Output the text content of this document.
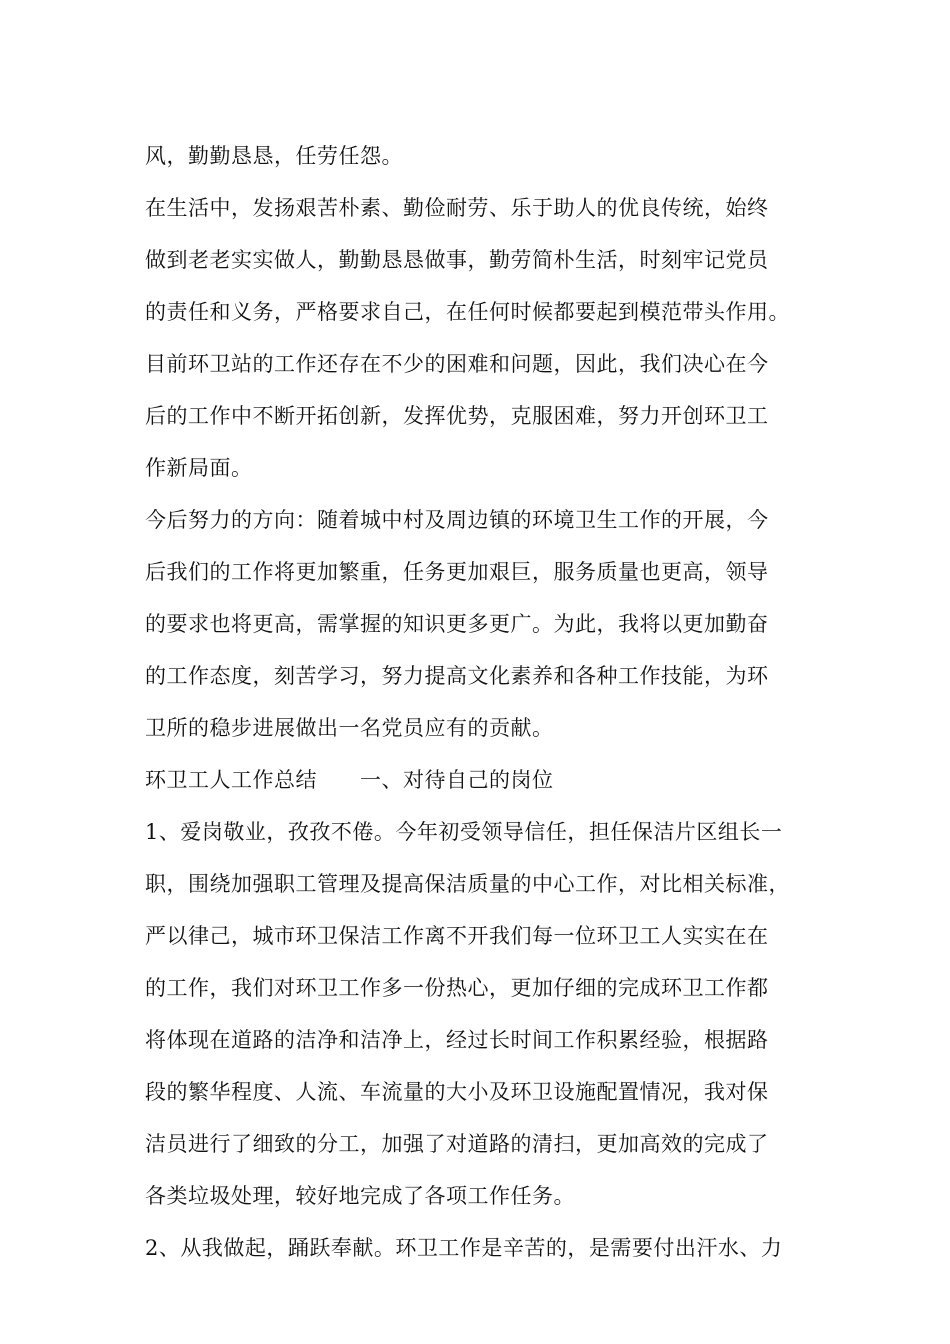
风，勤勤恳恳，任劳任怨。
在生活中，发扬艰苦朴素、勤俭耐劳、乐于助人的优良传统，始终
做到老老实实做人，勤勤恳恳做事，勤劳简朴生活，时刻牢记党员
的责任和义务，严格要求自己，在任何时候都要起到模范带头作用。
目前环卫站的工作还存在不少的困难和问题，因此，我们决心在今
后的工作中不断开拓创新，发挥优势，克服困难，努力开创环卫工
作新局面。
今后努力的方向：随着城中村及周边镇的环境卫生工作的开展，今
后我们的工作将更加繁重，任务更加艰巨，服务质量也更高，领导
的要求也将更高，需掌握的知识更多更广。为此，我将以更加勤奋
的工作态度，刻苦学习，努力提高文化素养和各种工作技能，为环
卫所的稳步进展做出一名党员应有的贡献。
环卫工人工作总结　　一、对待自己的岗位
1、爱岗敬业，孜孜不倦。今年初受领导信任，担任保洁片区组长一
职，围绕加强职工管理及提高保洁质量的中心工作，对比相关标准，
严以律己，城市环卫保洁工作离不开我们每一位环卫工人实实在在
的工作，我们对环卫工作多一份热心，更加仔细的完成环卫工作都
将体现在道路的洁净和洁净上，经过长时间工作积累经验，根据路
段的繁华程度、人流、车流量的大小及环卫设施配置情况，我对保
洁员进行了细致的分工，加强了对道路的清扫，更加高效的完成了
各类垃圾处理，较好地完成了各项工作任务。
2、从我做起，踊跃奉献。环卫工作是辛苦的，是需要付出汗水、力
